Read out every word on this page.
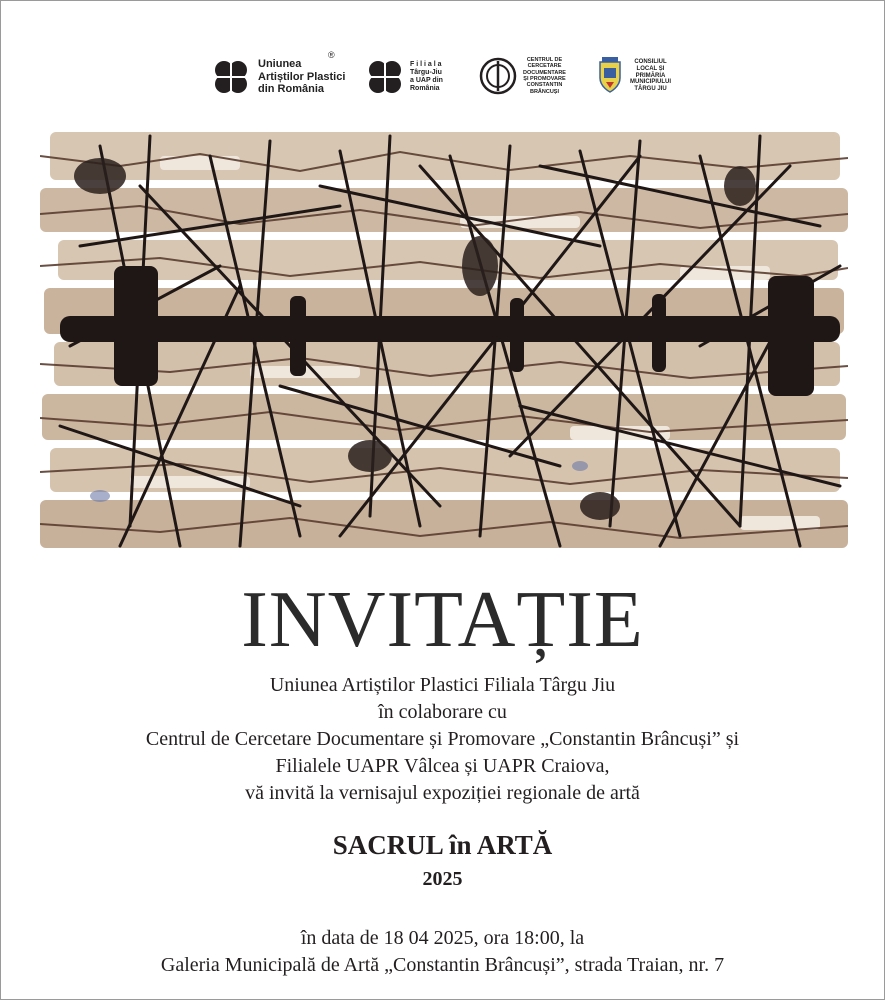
Uniunea
Artiștilor Plastici
din România
®
F i l i a l a
Târgu-Jiu
a UAP din
România
CENTRUL DE
CERCETARE
DOCUMENTARE
ȘI PROMOVARE
CONSTANTIN
BRÂNCUȘI
CONSILIUL
LOCAL ȘI
PRIMĂRIA
MUNICIPIULUI
TÂRGU JIU
INVITAȚIE
Uniunea Artiștilor Plastici Filiala Târgu Jiu
în colaborare cu
Centrul de Cercetare Documentare și Promovare „Constantin Brâncuși” și
Filialele UAPR Vâlcea și UAPR Craiova,
vă invită la vernisajul expoziției regionale de artă
SACRUL în ARTĂ
2025
în data de 18 04 2025, ora 18:00, la
Galeria Municipală de Artă „Constantin Brâncuși”, strada Traian, nr. 7
